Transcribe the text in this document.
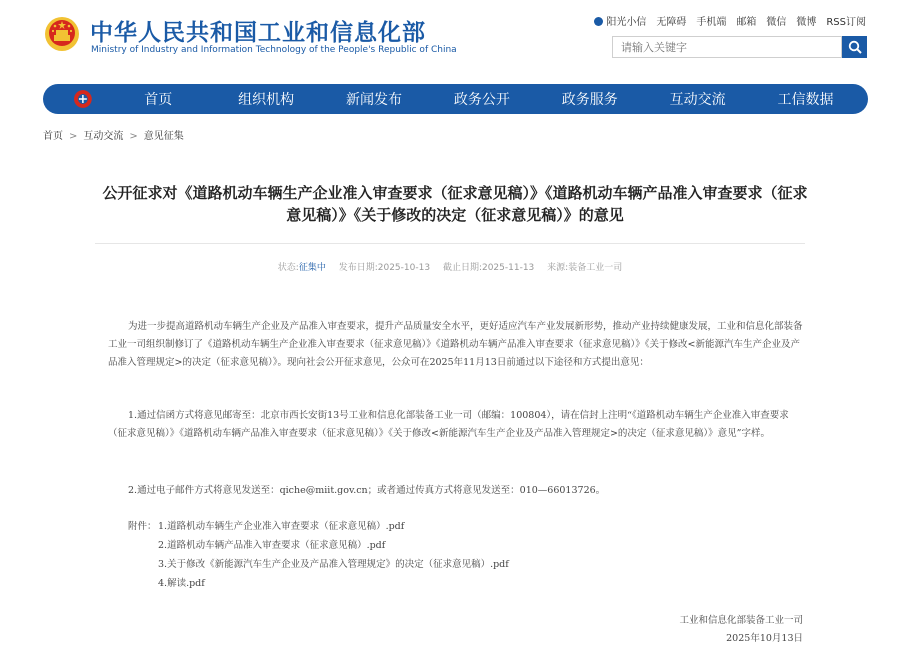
中华人民共和国工业和信息化部
Ministry of Industry and Information Technology of the People's Republic of China
阳光小信 无障碍 手机端 邮箱 微信 微博 RSS订阅
请输入关键字
首页	组织机构	新闻发布	政务公开	政务服务	互动交流	工信数据
首页 > 互动交流 > 意见征集
公开征求对《道路机动车辆生产企业准入审查要求（征求意见稿）》《道路机动车辆产品准入审查要求（征求意见稿）》《关于修改的决定（征求意见稿）》的意见
状态:征集中 发布日期:2025-10-13 截止日期:2025-11-13 来源:装备工业一司
为进一步提高道路机动车辆生产企业及产品准入审查要求，提升产品质量安全水平，更好适应汽车产业发展新形势，推动产业持续健康发展，工业和信息化部装备工业一司组织制修订了《道路机动车辆生产企业准入审查要求（征求意见稿）》《道路机动车辆产品准入审查要求（征求意见稿）》《关于修改<新能源汽车生产企业及产品准入管理规定>的决定（征求意见稿）》。现向社会公开征求意见，公众可在2025年11月13日前通过以下途径和方式提出意见：
1.通过信函方式将意见邮寄至：北京市西长安街13号工业和信息化部装备工业一司（邮编：100804），请在信封上注明“《道路机动车辆生产企业准入审查要求（征求意见稿）》《道路机动车辆产品准入审查要求（征求意见稿）》《关于修改<新能源汽车生产企业及产品准入管理规定>的决定（征求意见稿）》意见”字样。
2.通过电子邮件方式将意见发送至：qiche@miit.gov.cn；或者通过传真方式将意见发送至：010—66013726。
附件： 1.道路机动车辆生产企业准入审查要求（征求意见稿）.pdf
2.道路机动车辆产品准入审查要求（征求意见稿）.pdf
3.关于修改《新能源汽车生产企业及产品准入管理规定》的决定（征求意见稿）.pdf
4.解读.pdf
工业和信息化部装备工业一司
2025年10月13日
